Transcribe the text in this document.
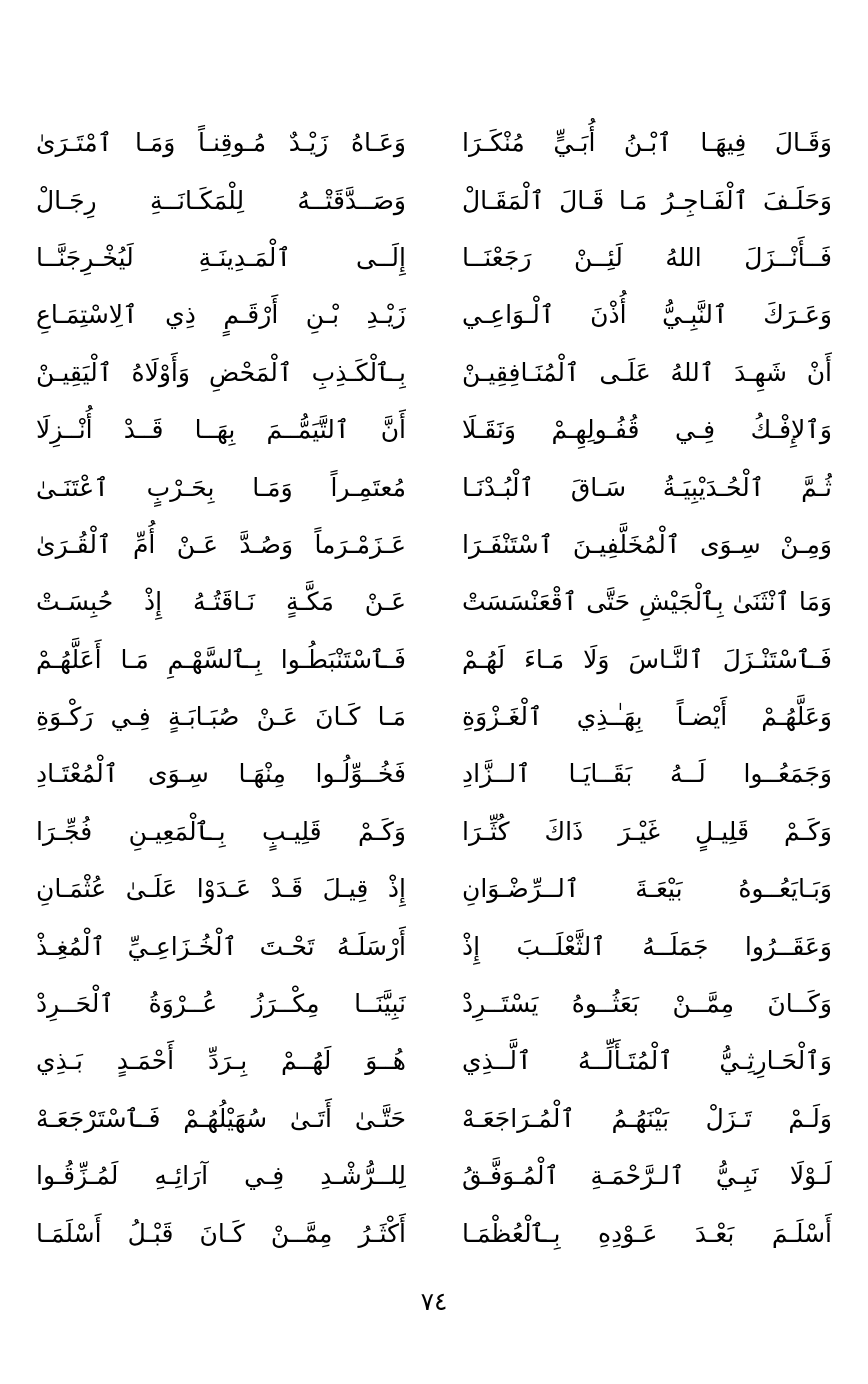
وَعَـاهُ زَيْـدٌ مُـوقِنـاً وَمَـا ٱمْتَـرَىٰ وَقَـالَ فِيهَـا ٱبْـنُ أُبَـيٍّ مُنْكَـرَا
وَصَــدَّقَتْــهُ لِلْمَكَـانَــةِ رِجَـالْ وَحَلَـفَ ٱلْفَـاجِـرُ مَـا قَـالَ ٱلْمَقَـالْ
إِلَــى ٱلْمَـدِينَـةِ لَيُخْـرِجَنَّــا فَــأَنْــزَلَ اللهُ لَئِــنْ رَجَعْنَــا
زَيْـدِ بْـنِ أَرْقَـمٍ ذِي ٱلِاسْتِمَـاعِ وَعَـرَكَ ٱلنَّبِـيُّ أُذْنَ ٱلْـوَاعِـي
بِـٱلْكَـذِبِ ٱلْمَحْضِ وَأَوْلَاهُ ٱلْيَقِيـنْ أَنْ شَهِـدَ ٱللهُ عَلَـى ٱلْمُنَـافِقِيـنْ
أَنَّ ٱلتَّيَمُّــمَ بِهَــا قَــدْ أُنْــزِلَا وَٱلإِفْـكُ فِـي قُفُـولِهِـمْ وَنَقَـلَا
مُعتَمِـراً وَمَـا بِحَـرْبٍ ٱعْتَنَـىٰ ثُـمَّ ٱلْحُـدَيْبِيَـةُ سَـاقَ ٱلْبُـدْنَـا
عَـزَمْـرَماً وَصُـدَّ عَـنْ أُمِّ ٱلْقُـرَىٰ وَمِـنْ سِـوَى ٱلْمُخَلَّفِيـنَ ٱسْتَنْفَـرَا
عَـنْ مَكَّـةٍ نَـاقَتُـهُ إِذْ حُبِسَـتْ وَمَا ٱنْثَنَىٰ بِٱلْجَيْشِ حَتَّى ٱقْعَنْسَسَتْ
فَـٱسْتَنْبَطُـوا بِـٱلسَّهْـمِ مَـا أَعَلَّهُـمْ فَـٱسْتَنْـزَلَ ٱلنَّـاسَ وَلَا مَـاءَ لَهُـمْ
مَـا كَـانَ عَـنْ صُبَـابَـةٍ فِـي رَكْـوَةِ وَعَلَّهُـمْ أَيْضـاً بِهَـٰـذِي ٱلْغَـزْوَةِ
فَخُــوِّلُـوا مِنْهَـا سِـوَى ٱلْمُعْتَـادِ وَجَمَعُــوا لَــهُ بَقَــايَـا ٱلــزَّادِ
وَكَـمْ قَلِيـبٍ بِـٱلْمَعِيـنِ فُجِّـرَا وَكَـمْ قَلِيـلٍ غَيْـرَ ذَاكَ كُثِّـرَا
إِذْ قِيـلَ قَـدْ عَـدَوْا عَلَـىٰ عُثْمَـانِ وَبَـايَعُــوهُ بَيْعَـةَ ٱلــرِّضْـوَانِ
أَرْسَلَـهُ تَحْـتَ ٱلْخُـزَاعِـيِّ ٱلْمُغِـذْ وَعَقَــرُوا جَمَلَــهُ ٱلثَّعْلَــبَ إِذْ
نَبِيَّنَــا مِكْــرَزُ عُــرْوَةُ ٱلْحَــرِدْ وَكَــانَ مِمَّــنْ بَعَثُــوهُ يَسْتَــرِدْ
هُــوَ لَهُــمْ بِـرَدِّ أَحْمَـدٍ بَـذِي وَٱلْحَـارِثِـيُّ ٱلْمُتَـأَلِّــهُ ٱلَّــذِي
حَتَّـىٰ أَتَـىٰ سُهَيْلُهُـمْ فَـٱسْتَرْجَعَـهْ وَلَـمْ تَـزَلْ بَيْنَهُـمُ ٱلْمُـرَاجَعَـهْ
لِلــرُّشْـدِ فِـي آرَائِـهِ لَمُـزِّقُـوا لَـوْلَا نَبِـيُّ ٱلـرَّحْمَـةِ ٱلْمُـوَفَّـقُ
أَكْثَـرُ مِمَّــنْ كَـانَ قَبْـلُ أَسْلَمَـا أَسْلَـمَ بَعْـدَ عَـوْدِهِ بِـٱلْعُظْمَـا
٧٤
